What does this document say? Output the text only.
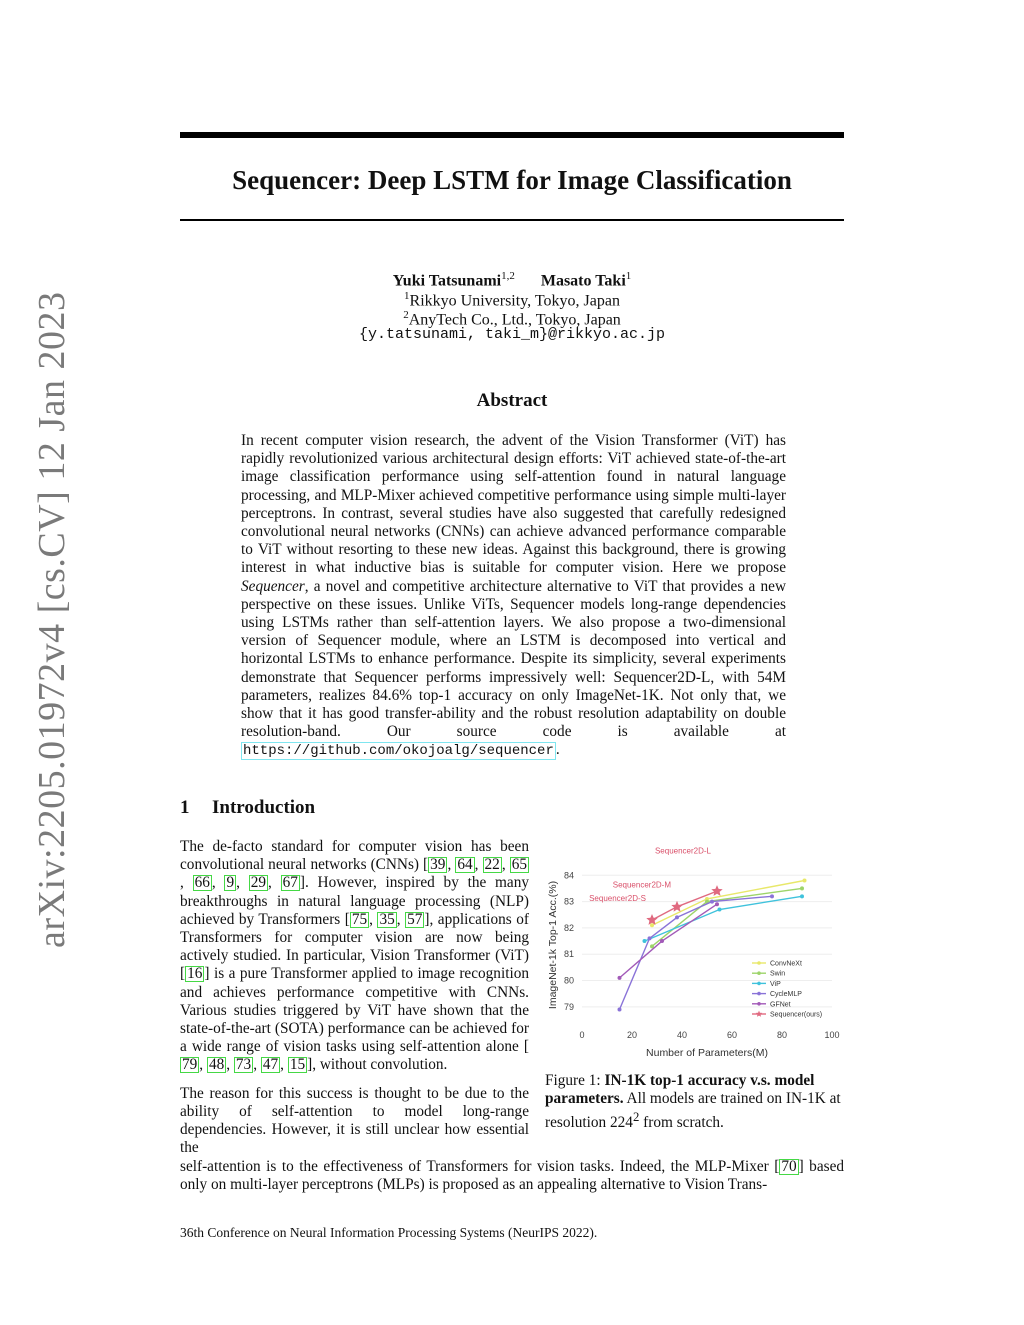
arXiv:2205.01972v4 [cs.CV] 12 Jan 2023
Sequencer: Deep LSTM for Image Classification
Yuki Tatsunami$^{1,2}$ Masato Taki$^1$
$^1$Rikkyo University, Tokyo, Japan
$^2$AnyTech Co., Ltd., Tokyo, Japan
{y.tatsunami, taki_m}@rikkyo.ac.jp
Abstract

In recent computer vision research, the advent of the Vision Transformer (ViT) has rapidly revolutionized various architectural design efforts: ViT achieved state-of-the-art image classification performance using self-attention found in natural language processing, and MLP-Mixer achieved competitive performance using simple multi-layer perceptrons. In contrast, several studies have also suggested that carefully redesigned convolutional neural networks (CNNs) can achieve advanced performance comparable to ViT without resorting to these new ideas. Against this background, there is growing interest in what inductive bias is suitable for computer vision. Here we propose Sequencer, a novel and competitive architecture alternative to ViT that provides a new perspective on these issues. Unlike ViTs, Sequencer models long-range dependencies using LSTMs rather than self-attention layers. We also propose a two-dimensional version of Sequencer module, where an LSTM is decomposed into vertical and horizontal LSTMs to enhance performance. Despite its simplicity, several experiments demonstrate that Sequencer performs impressively well: Sequencer2D-L, with 54M parameters, realizes 84.6% top-1 accuracy on only ImageNet-1K. Not only that, we show that it has good transfer-ability and the robust resolution adaptability on double resolution-band. Our source code is available at https://github.com/okojoalg/sequencer .

1 Introduction

The de-facto standard for computer vision has been convolutional neural networks (CNNs) [ 39 , 64 , 22 , 65, 66 , 9 , 29 , 67 ]. However, inspired by the many breakthroughs in natural language processing (NLP) achieved by Transformers [ 75 , 35 , 57 ], applications of Transformers for computer vision are now being actively studied. In particular, Vision Transformer (ViT) [ 16 ] is a pure Transformer applied to image recognition and achieves performance competitive with CNNs. Various studies triggered by ViT have shown that the state-of-the-art (SOTA) performance can be achieved for a wide range of vision tasks using self-attention alone [79 , 48 , 73 , 47 , 15 ], without convolution.

The reason for this success is thought to be due to the ability of self-attention to model long-range dependencies. However, it is still unclear how essential the

79
80
81
82
83
84
0	20	40	60	80	100
Number of Parameters(M)
ImageNet-1k Top-1 Acc.(%)
Sequencer2D-L
Sequencer2D-M
Sequencer2D-S
ConvNeXt
Swin
ViP
CycleMLP
GFNet
Sequencer(ours)

Figure 1: IN-1K top-1 accuracy v.s. model parameters. All models are trained on IN-1K at resolution $224^2$ from scratch.

self-attention is to the effectiveness of Transformers for vision tasks. Indeed, the MLP-Mixer [ 70 ] based only on multi-layer perceptrons (MLPs) is proposed as an appealing alternative to Vision Trans-

36th Conference on Neural Information Processing Systems (NeurIPS 2022).
